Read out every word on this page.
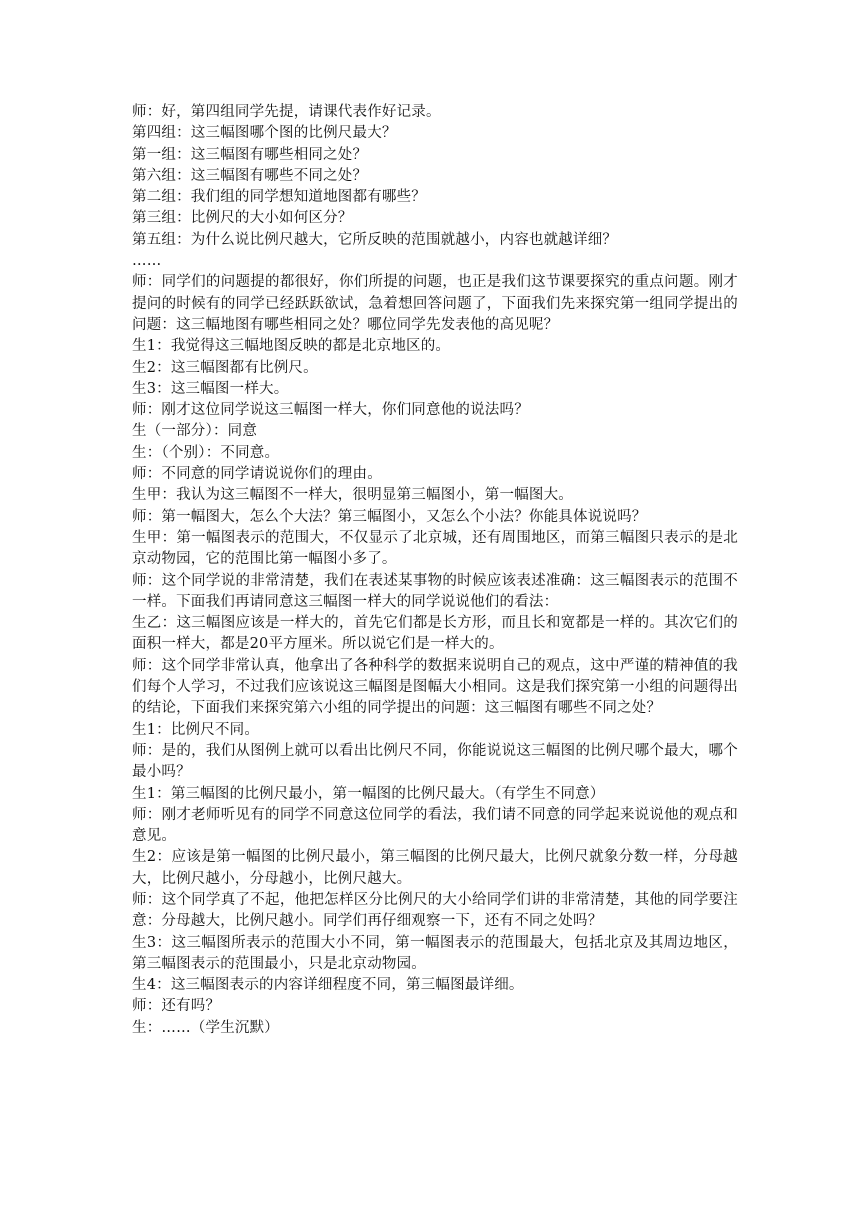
师：好，第四组同学先提，请课代表作好记录。

第四组：这三幅图哪个图的比例尺最大？

第一组：这三幅图有哪些相同之处？

第六组：这三幅图有哪些不同之处？

第二组：我们组的同学想知道地图都有哪些？

第三组：比例尺的大小如何区分？

第五组：为什么说比例尺越大，它所反映的范围就越小，内容也就越详细？

……

师：同学们的问题提的都很好，你们所提的问题，也正是我们这节课要探究的重点问题。刚才提问的时候有的同学已经跃跃欲试，急着想回答问题了，下面我们先来探究第一组同学提出的问题：这三幅地图有哪些相同之处？哪位同学先发表他的高见呢？

生1：我觉得这三幅地图反映的都是北京地区的。

生2：这三幅图都有比例尺。

生3：这三幅图一样大。

师：刚才这位同学说这三幅图一样大，你们同意他的说法吗？

生（一部分）：同意

生：（个别）：不同意。

师：不同意的同学请说说你们的理由。

生甲：我认为这三幅图不一样大，很明显第三幅图小，第一幅图大。

师：第一幅图大，怎么个大法？第三幅图小，又怎么个小法？你能具体说说吗？

生甲：第一幅图表示的范围大，不仅显示了北京城，还有周围地区，而第三幅图只表示的是北京动物园，它的范围比第一幅图小多了。

师：这个同学说的非常清楚，我们在表述某事物的时候应该表述准确：这三幅图表示的范围不一样。下面我们再请同意这三幅图一样大的同学说说他们的看法：

生乙：这三幅图应该是一样大的，首先它们都是长方形，而且长和宽都是一样的。其次它们的面积一样大，都是20平方厘米。所以说它们是一样大的。

师：这个同学非常认真，他拿出了各种科学的数据来说明自己的观点，这中严谨的精神值的我们每个人学习，不过我们应该说这三幅图是图幅大小相同。这是我们探究第一小组的问题得出的结论，下面我们来探究第六小组的同学提出的问题：这三幅图有哪些不同之处？

生1：比例尺不同。

师：是的，我们从图例上就可以看出比例尺不同，你能说说这三幅图的比例尺哪个最大，哪个最小吗？

生1：第三幅图的比例尺最小，第一幅图的比例尺最大。（有学生不同意）

师：刚才老师听见有的同学不同意这位同学的看法，我们请不同意的同学起来说说他的观点和意见。

生2：应该是第一幅图的比例尺最小，第三幅图的比例尺最大，比例尺就象分数一样，分母越大，比例尺越小，分母越小，比例尺越大。

师：这个同学真了不起，他把怎样区分比例尺的大小给同学们讲的非常清楚，其他的同学要注意：分母越大，比例尺越小。同学们再仔细观察一下，还有不同之处吗？

生3：这三幅图所表示的范围大小不同，第一幅图表示的范围最大，包括北京及其周边地区，第三幅图表示的范围最小，只是北京动物园。

生4：这三幅图表示的内容详细程度不同，第三幅图最详细。

师：还有吗？

生：……（学生沉默）
